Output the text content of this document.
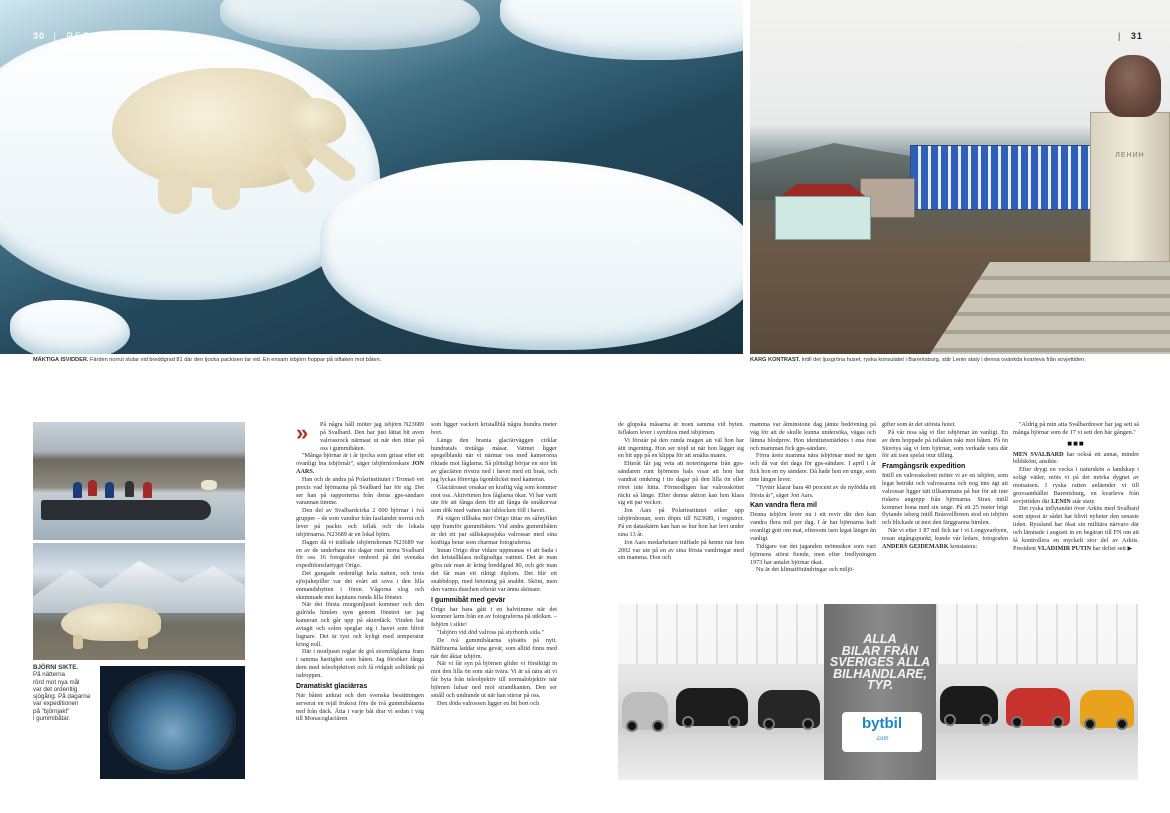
30 | REPORTAGE
ЛЕНИН
| 31
MÄKTIGA ISVIDDER. Färden norrut slutar vid breddgrad 81 där den tjocka packisen tar vid. En ensam isbjörn hoppar på isflaken mot båten.	KARG KONTRAST. Intill det ljusgröna huset, ryska konsulatet i Barentsburg, står Lenin staty i denna ovänkda kvarleva från sovjettiden.
BJÖRNI SIKTE.
På nätterna
rörd mot nya mål
var det ordentlig sjögång. På dagarna
var expeditionen
på "björnjakt"
i gummibåtar.
»	På några håll möter jag isbjörn N23689 på Svalbard. Den har just lättat bit aven valrossrock närmast ut när den tittar på oss i gummibåten.

"Många björnar är i år tjocka som grisar efter ett ovanligt bra isbjörnår", säger isbjörnforskare JON AARS.

Han och de andra på Polarinstitutet i Tromsö vet precis vad björnarna på Svalbard har för sig. Det ser han på rapporterna från deras gps-sändare varannan timme.

Den del av Svalbardcirka 2 000 björnar i två grupper – de som vandrar från fastlandet norrut och lever på packis och isflak och de lokala isbjörnarna. N23689 är en lokal björn.

Dagen då vi träffade isbjörnshonan N23689 var en av de underbara nio dagar runt norra Svalbard för oss 16 fotografer ombord på det svenska expeditionsfartyget Origo.

Det gungade ordentligt hela natten, och trots sjösjukepiller var det svårt att sova i den lilla enmandshytten i fören. Vågorna slog och skummade mot kajutans runda lilla fönster.

När det första morgonljuset kommer och den gulröda himlen syns genom fönstret tar jag kameran och går upp på akterdäck. Vinden har avtagit och solen speglar sig i havet som blivit lugnare. Det är tyst och kyligt med temperatur kring noll.

Där i motljuset reglar de grå stormfåglarna fram i samma hastighet som båten. Jag försöker fånga dem med teleobjektivet och få rödgult solblänk på isdroppen.

Dramatiskt glaciärras

När båten ankrat och den svenska besättningen serverat en rejäl frukost förs de två gummibåtarna ned från däck. Åtta i varje båt drar vi sedan i väg till Monacoglaciären

som ligger vackert kristallblå några hundra meter bort.

Längs den branta glaciärväggen cirklar hundratals tretåiga måsar. Vattnet ligger spegelblankt när vi närmar oss med kamerorna riktade mot fåglarna. Så plötsligt börjar en stor bit av glaciären rivstra ned i havet med ett brak, och jag lyckas föreviga ögonblicket med kameran.

Glaciärraset orsakar en kraftig våg som kommer mot oss. Aktiviteten hos fåglarna ökar. Vi har varit ute för att fånga dem för att fånga de småkorvar som dök med vatten när isblocken föll i havet.

På vägen tillbaka mot Origo tittar en såfnyfiket upp framför gummibåten. Vid andra gummibåten är det ett par sällskapssjuka valrossar med sina kraftiga betar som charmar fotograferna.

Innan Origo drar vidare uppmanas vi att bada i det kristallklara nollgradiga vattnet. Det är man göra när man är kring breddgrad 80, och gör man det får man ett riktigt diplom. Det blir ett snabbdopp, med betoning på snabbt. Skönt, men den varma duschen efteråt var ännu skönare.

I gummibåt med gevär

Origo har bara gått i en halvtimme när det kommer larm från en av fotograferna på utkiken. – Isbjörn i sikte!

"Isbjörn vid död valross på styrbords sida."

De två gummibåtarna sjösätts på nytt. Båtförarna laddar sina gevär, som alltid finns med när det åktar isbjörn.

När vi får syn på björnen glider vi försiktigt in mot den lilla ön som står tvära. Vi är så nära att vi får byta från teleobjektiv till normalobjektiv när björnen lufsar ned mot strandkanten. Den ser småll och undrande ut när han stirrar på oss.

Den döda valrossen ligger en bit bort och

de glupska måsarna är noen samma vid byten. Isflaken lever i symbios med isbjörnen.

Vi förstår på den runda magen att väl hon har ätit ingenting. Hon ser nöjd ut när hon lägger sig en bit upp på en klippa för att smälta maten.

Efteråt får jag veta att noteringarna från gps-sändaren runt björnens hals visar att hon har vandrat omkring i tio dagar på den lilla ön eller röret inte hitta. Förmodligen har valrossköttet räckt så länge. Efter denna aktion kan hon klara sig ett par veckor.

Jon Aars på Polarinstitutet söker upp isbjörnhonan, som döpts till N23689, i registret. På en dataskärm kan han se hur hon har levt under sina 13 år.

Jon Aars medarbetare träffade på henne när hon 2002 var ute på en av sina första vandringar med sin mamma. Hon och

mamma var åtminstone dag jämte bedövning på väg för att de skulle kunna undersöka, vägas och lämna blodprov. Hon identitetsmärktes i ena örat och mamman fick gps-sändare.

Förra årets mamma nära isbjörnar med ne igen och då var det dags för gps-sändare. I april i år fick hon en ny sändare. Då hade hon en unge, som inte längre lever.

"Tyvärr klarar bara 40 procent av de nyfödda ett första år", säger Jon Aars.

Kan vandra flera mil

Denna isbjörn lever nu i ett revir där den kan vandra flera mil per dag. I år har björnarna haft ovanligt gott om mat, eftersom isen legat längre än vanligt.

Tidigare var det jaganden mönnsikor som vari björnens störst fiende, men efter fredlyningen 1973 har antalet björnar ökat.

Nu är det klimatförändringar och miljö-

gifter som är det största hotet.

På vår resa såg vi fler isbjörnar än vanligt. En av dem hoppade på isflaken rakt mot båten. På ön Storöya såg vi fem björnar, som verkade vara där för att isen spelat otur tilling.

Framgångsrik expedition

Intill en valrosskoloni möter vi av en isbjörn, som legat beträkt och valrossarna och nog inte ägt att valrossar ligger tätt tillsammans på hur för att inte riskera angrepp från björnarna. Strax intill kommer hona med sin unge. På ett 25 meter högt flytande isberg intill Bråsvellbreen stod en isbjörn och blickade ut mot den färggranna himlen.

När vi efter 1 87 mil fick tar i vi Longyearbyen, resan utgångspunkt, kunde vår ledare, fotografen ANDERS GEIDEMARK konstatera:

"Aldrig på min atta Svalbardresor har jag sett så många björnar som de 17 vi sett den här gången."

■■■

MEN SVALBARD har också ett annat, mindre bildskönt, ansikte.

Efter drygt en vecka i naturskön a landskap i soligt väder, möts vi på det mörka dygnet av motsatsen. I ryska ratten anläender vi till gruvsamhället Barentsburg, en kvarleva från sovjettiden där LENIN står staty.

Det ryska inflytandet över Arktis med Svalbard som utpost är sådet har blivit nyheter den senaste tiden. Ryssland har ökat sin militära närvaro där och lämnade i augusti in en begäran till FN om att få kontrollera en myckelt stor del av Arktis. President VLADIMIR PUTIN har deltet sett ▶

ALLA
BILAR FRÅN
SVERIGES ALLA
BILHANDLARE,
TYP.
bytbil
.com
